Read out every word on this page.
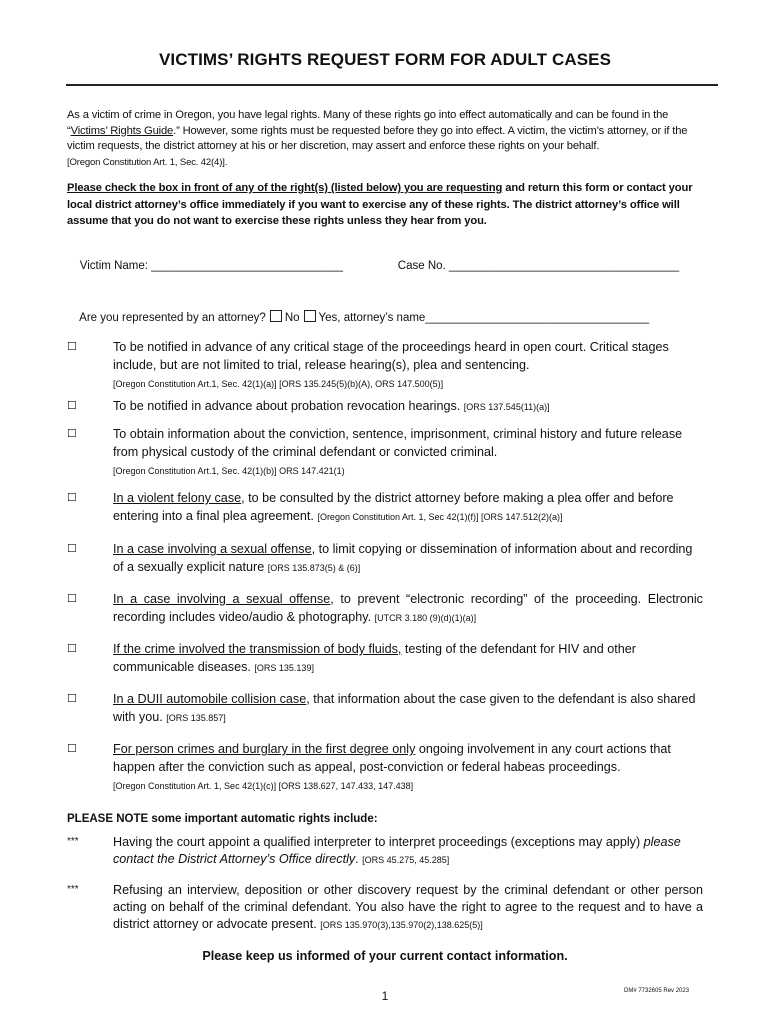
VICTIMS’ RIGHTS REQUEST FORM FOR ADULT CASES
As a victim of crime in Oregon, you have legal rights. Many of these rights go into effect automatically and can be found in the “Victims’ Rights Guide.” However, some rights must be requested before they go into effect. A victim, the victim’s attorney, or if the victim requests, the district attorney at his or her discretion, may assert and enforce these rights on your behalf.
[Oregon Constitution Art. 1, Sec. 42(4)].
Please check the box in front of any of the right(s) (listed below) you are requesting and return this form or contact your local district attorney’s office immediately if you want to exercise any of these rights. The district attorney’s office will assume that you do not want to exercise these rights unless they hear from you.

Victim Name: ______________________________
	Case No. ____________________________________

Are you represented by an attorney? No Yes, attorney’s name___________________________________

☐	To be notified in advance of any critical stage of the proceedings heard in open court. Critical stages include, but are not limited to trial, release hearing(s), plea and sentencing.
[Oregon Constitution Art.1, Sec. 42(1)(a)] [ORS 135.245(5)(b)(A), ORS 147.500(5)]
☐	To be notified in advance about probation revocation hearings. [ORS 137.545(11)(a)]
☐	To obtain information about the conviction, sentence, imprisonment, criminal history and future release from physical custody of the criminal defendant or convicted criminal.
[Oregon Constitution Art.1, Sec. 42(1)(b)] ORS 147.421(1)
☐	In a violent felony case, to be consulted by the district attorney before making a plea offer and before entering into a final plea agreement. [Oregon Constitution Art. 1, Sec 42(1)(f)] [ORS 147.512(2)(a)]
☐	In a case involving a sexual offense, to limit copying or dissemination of information about and recording of a sexually explicit nature [ORS 135.873(5) & (6)]
☐	In a case involving a sexual offense, to prevent “electronic recording” of the proceeding. Electronic recording includes video/audio & photography. [UTCR 3.180 (9)(d)(1)(a)]
☐	If the crime involved the transmission of body fluids, testing of the defendant for HIV and other communicable diseases. [ORS 135.139]
☐	In a DUII automobile collision case, that information about the case given to the defendant is also shared with you. [ORS 135.857]
☐	For person crimes and burglary in the first degree only ongoing involvement in any court actions that happen after the conviction such as appeal, post-conviction or federal habeas proceedings.
[Oregon Constitution Art. 1, Sec 42(1)(c)] [ORS 138.627, 147.433, 147.438]
PLEASE NOTE some important automatic rights include:
***	Having the court appoint a qualified interpreter to interpret proceedings (exceptions may apply) please contact the District Attorney’s Office directly. [ORS 45.275, 45.285]
***	Refusing an interview, deposition or other discovery request by the criminal defendant or other person acting on behalf of the criminal defendant. You also have the right to agree to the request and to have a district attorney or advocate present. [ORS 135.970(3),135.970(2),138.625(5)]
Please keep us informed of your current contact information.
1	DM# 7732605 Rev 2023
